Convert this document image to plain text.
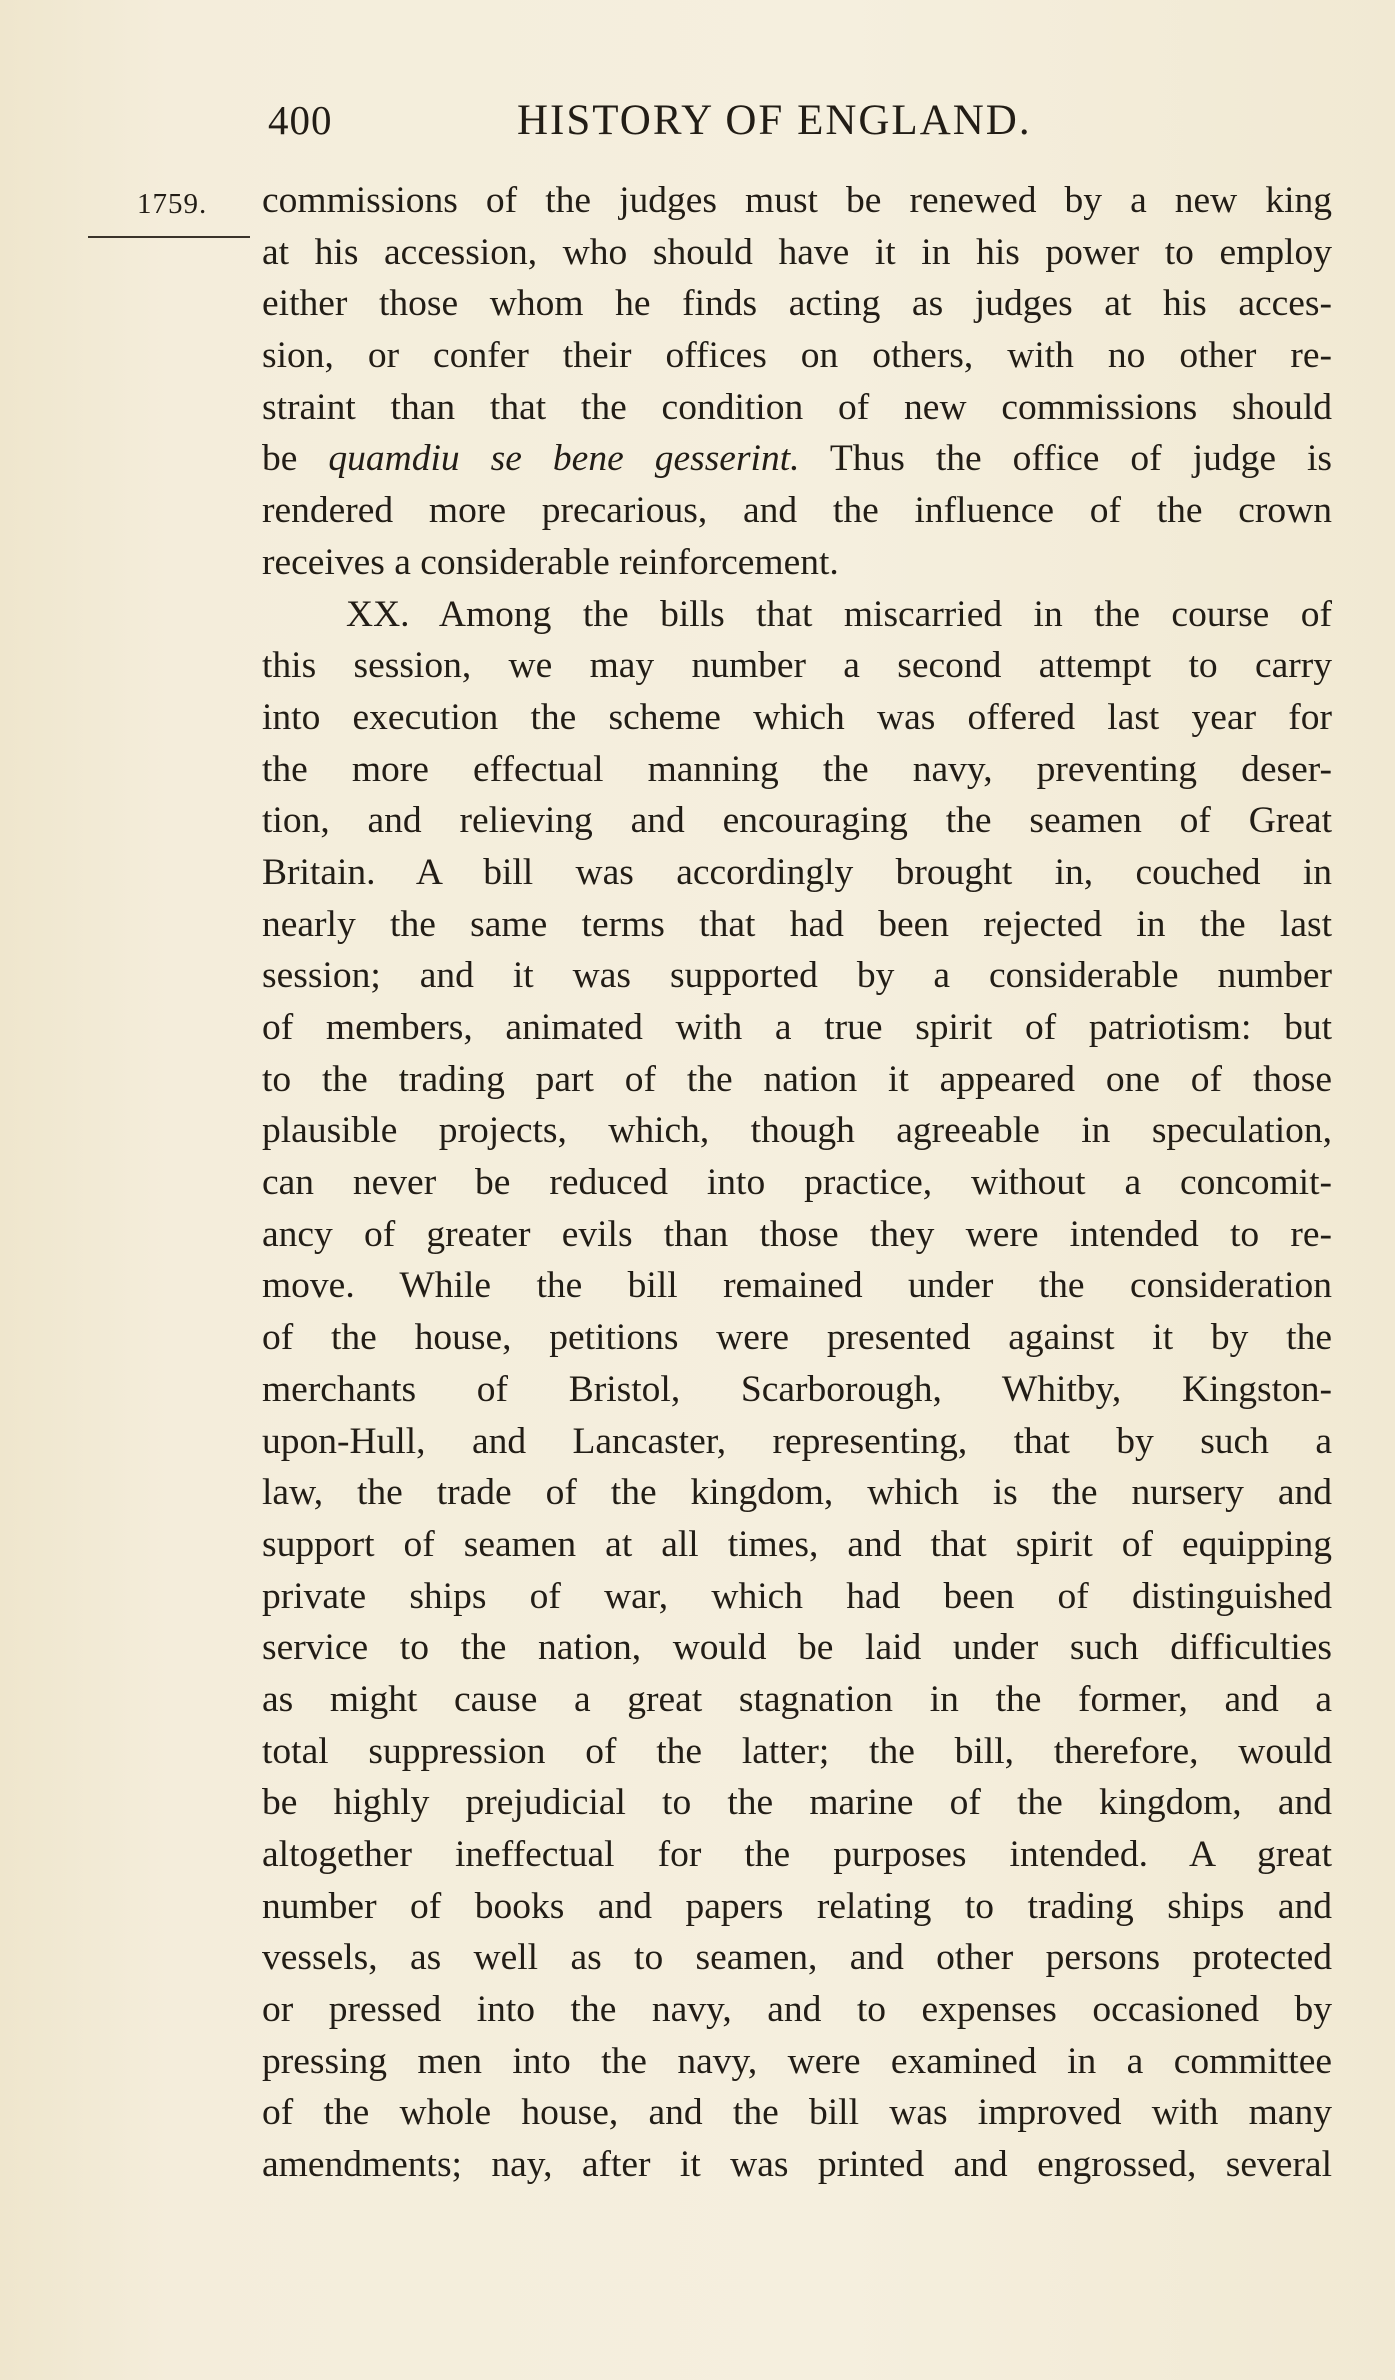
400	HISTORY OF ENGLAND.
1759. commissions of the judges must be renewed by a new king
at his accession, who should have it in his power to employ
either those whom he finds acting as judges at his acces-
sion, or confer their offices on others, with no other re-
straint than that the condition of new commissions should
be quamdiu se bene gesserint. Thus the office of judge is
rendered more precarious, and the influence of the crown
receives a considerable reinforcement.
XX. Among the bills that miscarried in the course of
this session, we may number a second attempt to carry
into execution the scheme which was offered last year for
the more effectual manning the navy, preventing deser-
tion, and relieving and encouraging the seamen of Great
Britain. A bill was accordingly brought in, couched in
nearly the same terms that had been rejected in the last
session; and it was supported by a considerable number
of members, animated with a true spirit of patriotism: but
to the trading part of the nation it appeared one of those
plausible projects, which, though agreeable in speculation,
can never be reduced into practice, without a concomit-
ancy of greater evils than those they were intended to re-
move. While the bill remained under the consideration
of the house, petitions were presented against it by the
merchants of Bristol, Scarborough, Whitby, Kingston-
upon-Hull, and Lancaster, representing, that by such a
law, the trade of the kingdom, which is the nursery and
support of seamen at all times, and that spirit of equipping
private ships of war, which had been of distinguished
service to the nation, would be laid under such difficulties
as might cause a great stagnation in the former, and a
total suppression of the latter; the bill, therefore, would
be highly prejudicial to the marine of the kingdom, and
altogether ineffectual for the purposes intended. A great
number of books and papers relating to trading ships and
vessels, as well as to seamen, and other persons protected
or pressed into the navy, and to expenses occasioned by
pressing men into the navy, were examined in a committee
of the whole house, and the bill was improved with many
amendments; nay, after it was printed and engrossed, several
